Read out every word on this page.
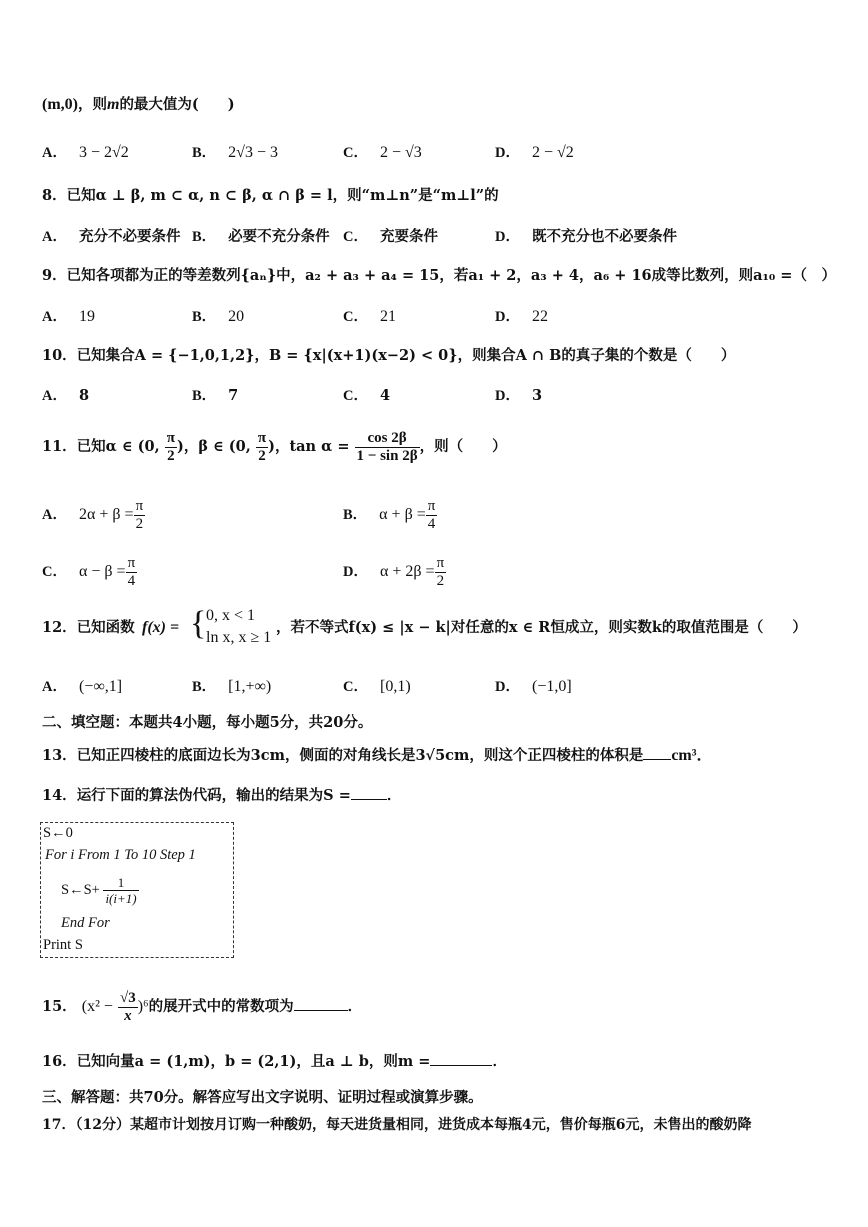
(m,0)，则m的最大值为(　　)
A． 3 − 2√2	B． 2√3 − 3	C． 2 − √3	D． 2 − √2
8．已知α ⊥ β, m ⊂ α, n ⊂ β, α ∩ β = l，则“m⊥n”是“m⊥l”的
A． 充分不必要条件 B． 必要不充分条件 C． 充要条件	D． 既不充分也不必要条件
9．已知各项都为正的等差数列{aₙ}中，a₂ + a₃ + a₄ = 15，若a₁ + 2，a₃ + 4，a₆ + 16成等比数列，则a₁₀ =（　）
A． 19	B． 20	C． 21	D． 22
10．已知集合A = {−1,0,1,2}，B = {x|(x+1)(x−2) < 0}，则集合A ∩ B的真子集的个数是（　　）
A． 8	B． 7	C． 4	D． 3
11．已知α ∈ (0, $\frac{\pi}{2}$ )，β ∈ (0, $\frac{\pi}{2}$ )，$\tan \alpha = \frac{\cos 2\beta}{1 - \sin 2\beta}$ ，则（　　）
A． $2\alpha + \beta = \frac{\pi}{2}$	B． $\alpha + \beta = \frac{\pi}{4}$
C． $\alpha - \beta = \frac{\pi}{4}$	D． $\alpha + 2\beta = \frac{\pi}{2}$
12．已知函数 f(x) = { 0, x < 1
ln x, x ≥ 1
，若不等式f(x) ≤ |x − k|对任意的x ∈ R恒成立，则实数k的取值范围是（　　）
A． (−∞,1]	B． [1,+∞)	C． [0,1)	D． (−1,0]
二、填空题：本题共4小题，每小题5分，共20分。
13．已知正四棱柱的底面边长为3cm，侧面的对角线长是3√5cm，则这个正四棱柱的体积是 cm³．
14．运行下面的算法伪代码，输出的结果为S = ．
S←0
For i From 1 To 10 Step 1
S←S+ $\frac{1}{i(i+1)}$
End For
Print S
15． $(x^2 - \frac{√3}{x} )^6$的展开式中的常数项为	．
16．已知向量a = (1,m)，b = (2,1)，且a ⊥ b，则m =	．
三、解答题：共70分。解答应写出文字说明、证明过程或演算步骤。
17．（12分）某超市计划按月订购一种酸奶，每天进货量相同，进货成本每瓶4元，售价每瓶6元，未售出的酸奶降
